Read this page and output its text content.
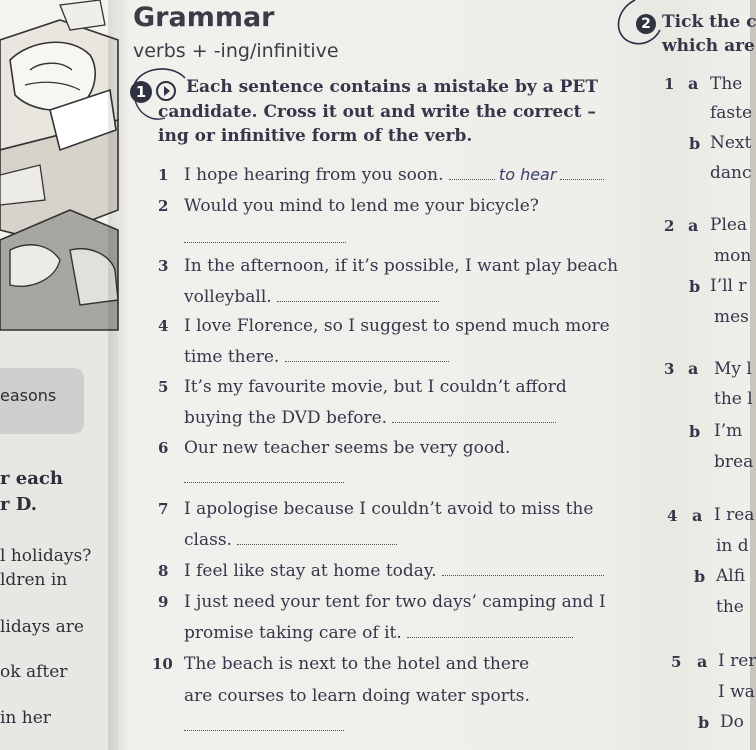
easons
r each
r D.
l holidays?
ldren in
lidays are
ok after
in her
Grammar
verbs + -ing/infinitive
1	Each sentence contains a mistake by a PET candidate. Cross it out and write the correct –ing or infinitive form of the verb.
1 I hope hearing from you soon.	to hear
2 Would you mind to lend me your bicycle?
3 In the afternoon, if it’s possible, I want play beach
volleyball.
4 I love Florence, so I suggest to spend much more
time there.
5 It’s my favourite movie, but I couldn’t afford
buying the DVD before.
6 Our new teacher seems be very good.
7 I apologise because I couldn’t avoid to miss the
class.
8 I feel like stay at home today.
9 I just need your tent for two days’ camping and I
promise taking care of it.
10 The beach is next to the hotel and there
are courses to learn doing water sports.
2 Tick the c
which are
1 a The
faste
b Next
danc
2 a Plea
mon
b I’ll r
mes
3 a My l
the l
b I’m
brea
4 a I rea
in d
b Alfi
the
5 a I rer
I wa
b Do
